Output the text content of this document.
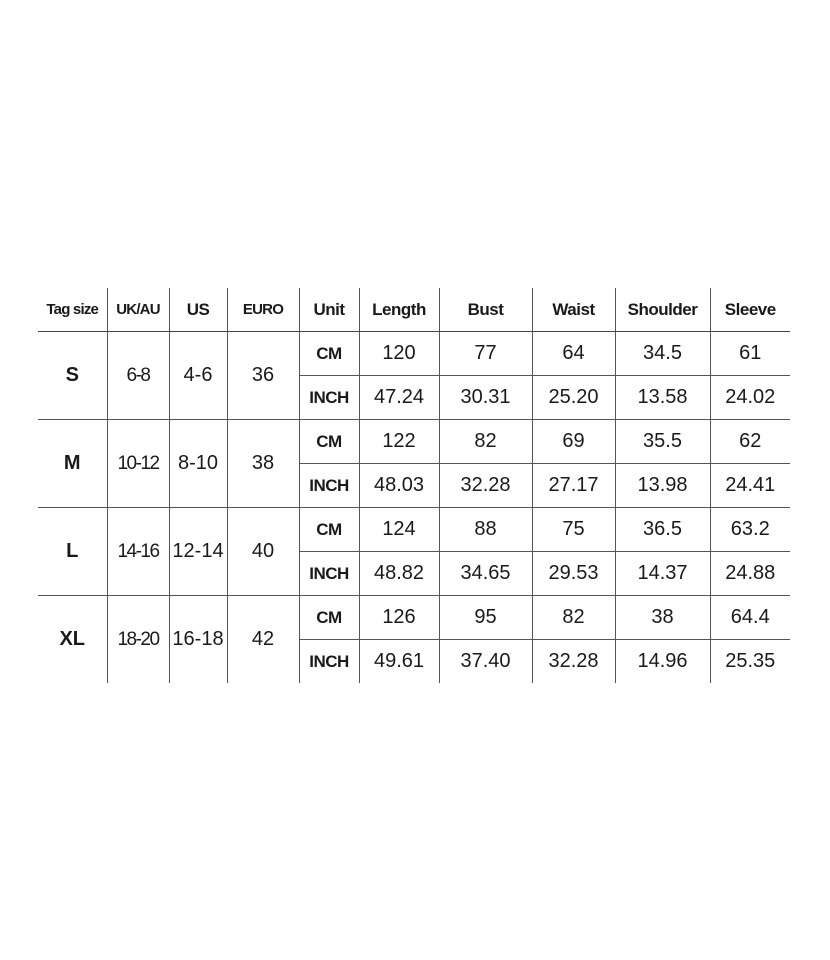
Tag size	UK/AU	US	EURO	Unit	Length	Bust	Waist	Shoulder	Sleeve
S	6-8	4-6	36	CM	120	77	64	34.5	61
				INCH	47.24	30.31	25.20	13.58	24.02
M	10-12	8-10	38	CM	122	82	69	35.5	62
				INCH	48.03	32.28	27.17	13.98	24.41
L	14-16	12-14	40	CM	124	88	75	36.5	63.2
				INCH	48.82	34.65	29.53	14.37	24.88
XL	18-20	16-18	42	CM	126	95	82	38	64.4
				INCH	49.61	37.40	32.28	14.96	25.35
